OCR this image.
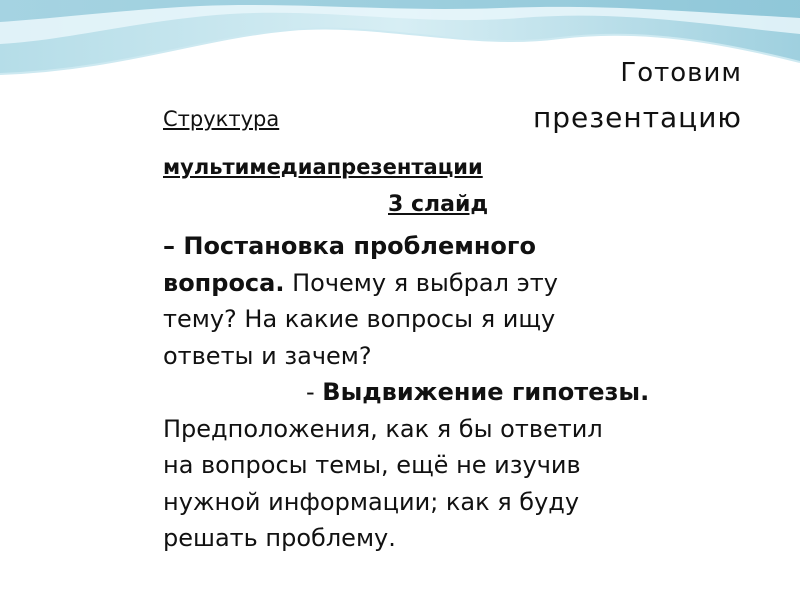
Готовим
Структура	презентацию
мультимедиапрезентации
3 слайд
– Постановка проблемного
вопроса. Почему я выбрал эту
тему? На какие вопросы я ищу
ответы и зачем?
- Выдвижение гипотезы.
Предположения, как я бы ответил
на вопросы темы, ещё не изучив
нужной информации; как я буду
решать проблему.
